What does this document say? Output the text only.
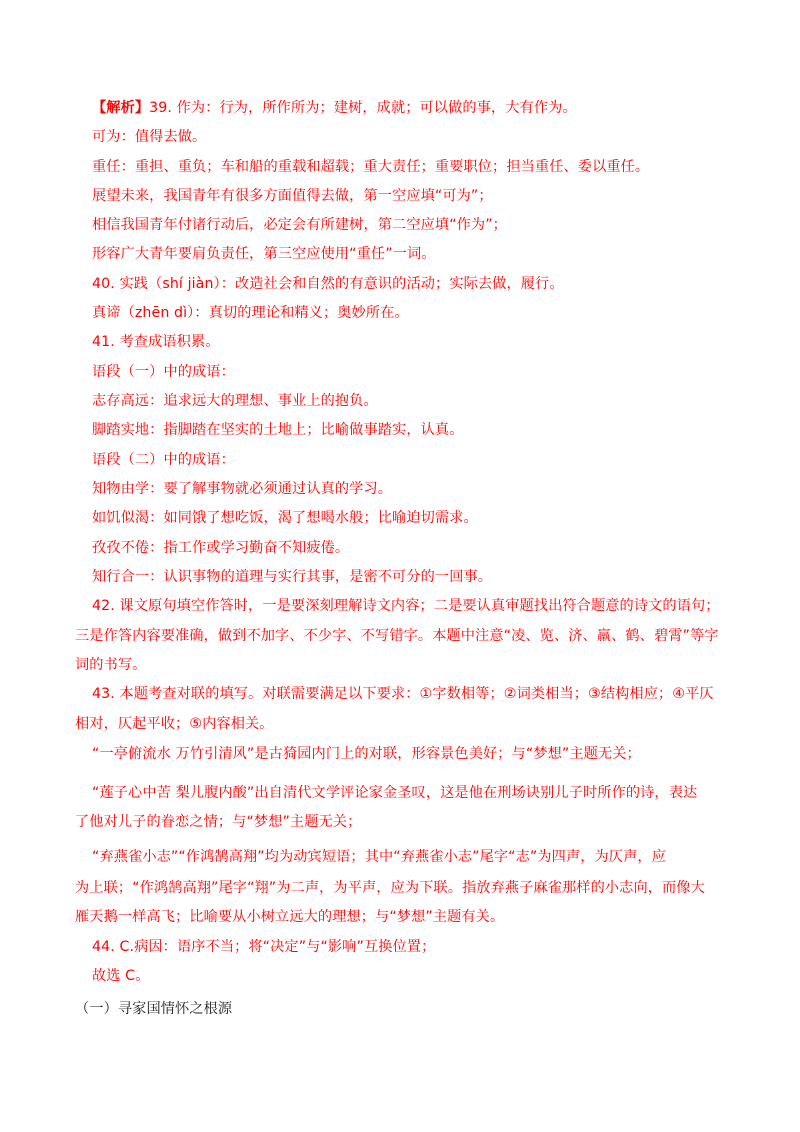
【解析】39. 作为：行为，所作所为；建树，成就；可以做的事，大有作为。
可为：值得去做。
重任：重担、重负；车和船的重载和超载；重大责任；重要职位；担当重任、委以重任。
展望未来，我国青年有很多方面值得去做，第一空应填“可为”；
相信我国青年付诸行动后，必定会有所建树，第二空应填“作为”；
形容广大青年要肩负责任，第三空应使用“重任”一词。
40. 实践（shí jiàn）：改造社会和自然的有意识的活动；实际去做，履行。
真谛（zhēn dì）：真切的理论和精义；奥妙所在。
41. 考查成语积累。
语段（一）中的成语：
志存高远：追求远大的理想、事业上的抱负。
脚踏实地：指脚踏在坚实的土地上；比喻做事踏实，认真。
语段（二）中的成语：
知物由学：要了解事物就必须通过认真的学习。
如饥似渴：如同饿了想吃饭，渴了想喝水般；比喻迫切需求。
孜孜不倦：指工作或学习勤奋不知疲倦。
知行合一：认识事物的道理与实行其事，是密不可分的一回事。
42. 课文原句填空作答时，一是要深刻理解诗文内容；二是要认真审题找出符合题意的诗文的语句；
三是作答内容要准确，做到不加字、不少字、不写错字。本题中注意“凌、览、济、羸、鹤、碧霄”等字
词的书写。
43. 本题考查对联的填写。对联需要满足以下要求：①字数相等；②词类相当；③结构相应；④平仄
相对，仄起平收；⑤内容相关。
“一亭俯流水 万竹引清风”是古猗园内门上的对联，形容景色美好；与“梦想”主题无关；
“莲子心中苦 梨儿腹内酸”出自清代文学评论家金圣叹，这是他在刑场诀别儿子时所作的诗，表达
了他对儿子的眷恋之情；与“梦想”主题无关；
“弃燕雀小志”“作鸿鹄高翔”均为动宾短语；其中“弃燕雀小志”尾字“志”为四声，为仄声，应
为上联；“作鸿鹄高翔”尾字“翔”为二声，为平声，应为下联。指放弃燕子麻雀那样的小志向，而像大
雁天鹅一样高飞；比喻要从小树立远大的理想；与“梦想”主题有关。
44. C.病因：语序不当；将“决定”与“影响”互换位置；
故选 C。
（一）寻家国情怀之根源
